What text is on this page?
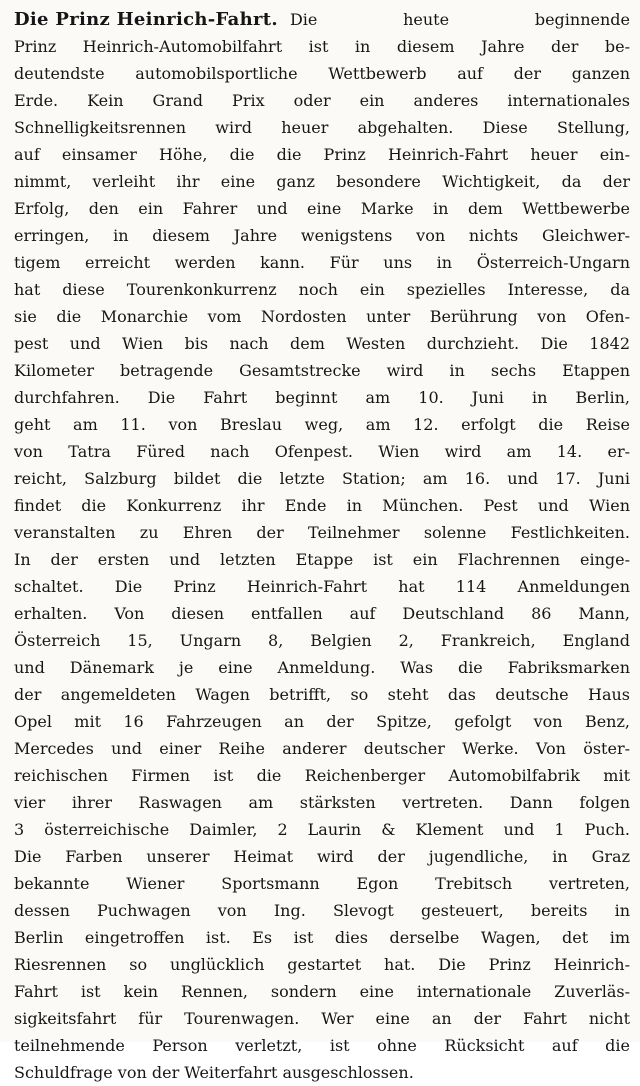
Die Prinz Heinrich-Fahrt. Die heute beginnende
Prinz Heinrich-Automobilfahrt ist in diesem Jahre der be-
deutendste automobilsportliche Wettbewerb auf der ganzen
Erde. Kein Grand Prix oder ein anderes internationales
Schnelligkeitsrennen wird heuer abgehalten. Diese Stellung,
auf einsamer Höhe, die die Prinz Heinrich-Fahrt heuer ein-
nimmt, verleiht ihr eine ganz besondere Wichtigkeit, da der
Erfolg, den ein Fahrer und eine Marke in dem Wettbewerbe
erringen, in diesem Jahre wenigstens von nichts Gleichwer-
tigem erreicht werden kann. Für uns in Österreich-Ungarn
hat diese Tourenkonkurrenz noch ein spezielles Interesse, da
sie die Monarchie vom Nordosten unter Berührung von Ofen-
pest und Wien bis nach dem Westen durchzieht. Die 1842
Kilometer betragende Gesamtstrecke wird in sechs Etappen
durchfahren. Die Fahrt beginnt am 10. Juni in Berlin,
geht am 11. von Breslau weg, am 12. erfolgt die Reise
von Tatra Füred nach Ofenpest. Wien wird am 14. er-
reicht, Salzburg bildet die letzte Station; am 16. und 17. Juni
findet die Konkurrenz ihr Ende in München. Pest und Wien
veranstalten zu Ehren der Teilnehmer solenne Festlichkeiten.
In der ersten und letzten Etappe ist ein Flachrennen einge-
schaltet. Die Prinz Heinrich-Fahrt hat 114 Anmeldungen
erhalten. Von diesen entfallen auf Deutschland 86 Mann,
Österreich 15, Ungarn 8, Belgien 2, Frankreich, England
und Dänemark je eine Anmeldung. Was die Fabriksmarken
der angemeldeten Wagen betrifft, so steht das deutsche Haus
Opel mit 16 Fahrzeugen an der Spitze, gefolgt von Benz,
Mercedes und einer Reihe anderer deutscher Werke. Von öster-
reichischen Firmen ist die Reichenberger Automobilfabrik mit
vier ihrer Raswagen am stärksten vertreten. Dann folgen
3 österreichische Daimler, 2 Laurin & Klement und 1 Puch.
Die Farben unserer Heimat wird der jugendliche, in Graz
bekannte Wiener Sportsmann Egon Trebitsch vertreten,
dessen Puchwagen von Ing. Slevogt gesteuert, bereits in
Berlin eingetroffen ist. Es ist dies derselbe Wagen, det im
Riesrennen so unglücklich gestartet hat. Die Prinz Heinrich-
Fahrt ist kein Rennen, sondern eine internationale Zuverläs-
sigkeitsfahrt für Tourenwagen. Wer eine an der Fahrt nicht
teilnehmende Person verletzt, ist ohne Rücksicht auf die
Schuldfrage von der Weiterfahrt ausgeschlossen.
